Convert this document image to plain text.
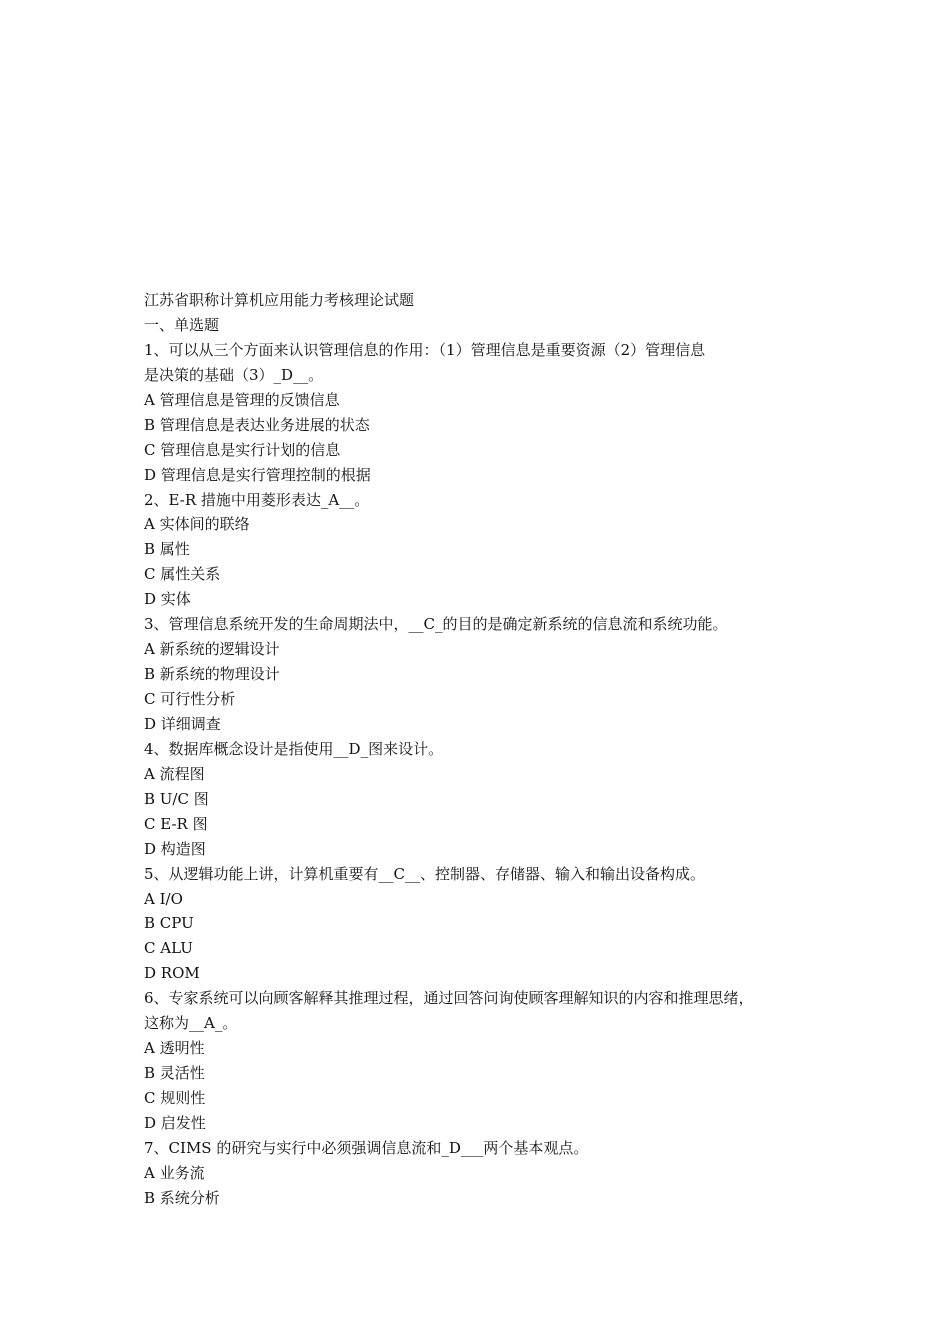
江苏省职称计算机应用能力考核理论试题
一、单选题
1、可以从三个方面来认识管理信息的作用：（1）管理信息是重要资源（2）管理信息
是决策的基础（3）_D__。
A 管理信息是管理的反馈信息
B 管理信息是表达业务进展的状态
C 管理信息是实行计划的信息
D 管理信息是实行管理控制的根据
2、E-R 措施中用菱形表达_A__。
A 实体间的联络
B 属性
C 属性关系
D 实体
3、管理信息系统开发的生命周期法中，__C_的目的是确定新系统的信息流和系统功能。
A 新系统的逻辑设计
B 新系统的物理设计
C 可行性分析
D 详细调查
4、数据库概念设计是指使用__D_图来设计。
A 流程图
B U/C 图
C E-R 图
D 构造图
5、从逻辑功能上讲，计算机重要有__C__、控制器、存储器、输入和输出设备构成。
A I/O
B CPU
C ALU
D ROM
6、专家系统可以向顾客解释其推理过程，通过回答问询使顾客理解知识的内容和推理思绪，
这称为__A_。
A 透明性
B 灵活性
C 规则性
D 启发性
7、CIMS 的研究与实行中必须强调信息流和_D___两个基本观点。
A 业务流
B 系统分析
